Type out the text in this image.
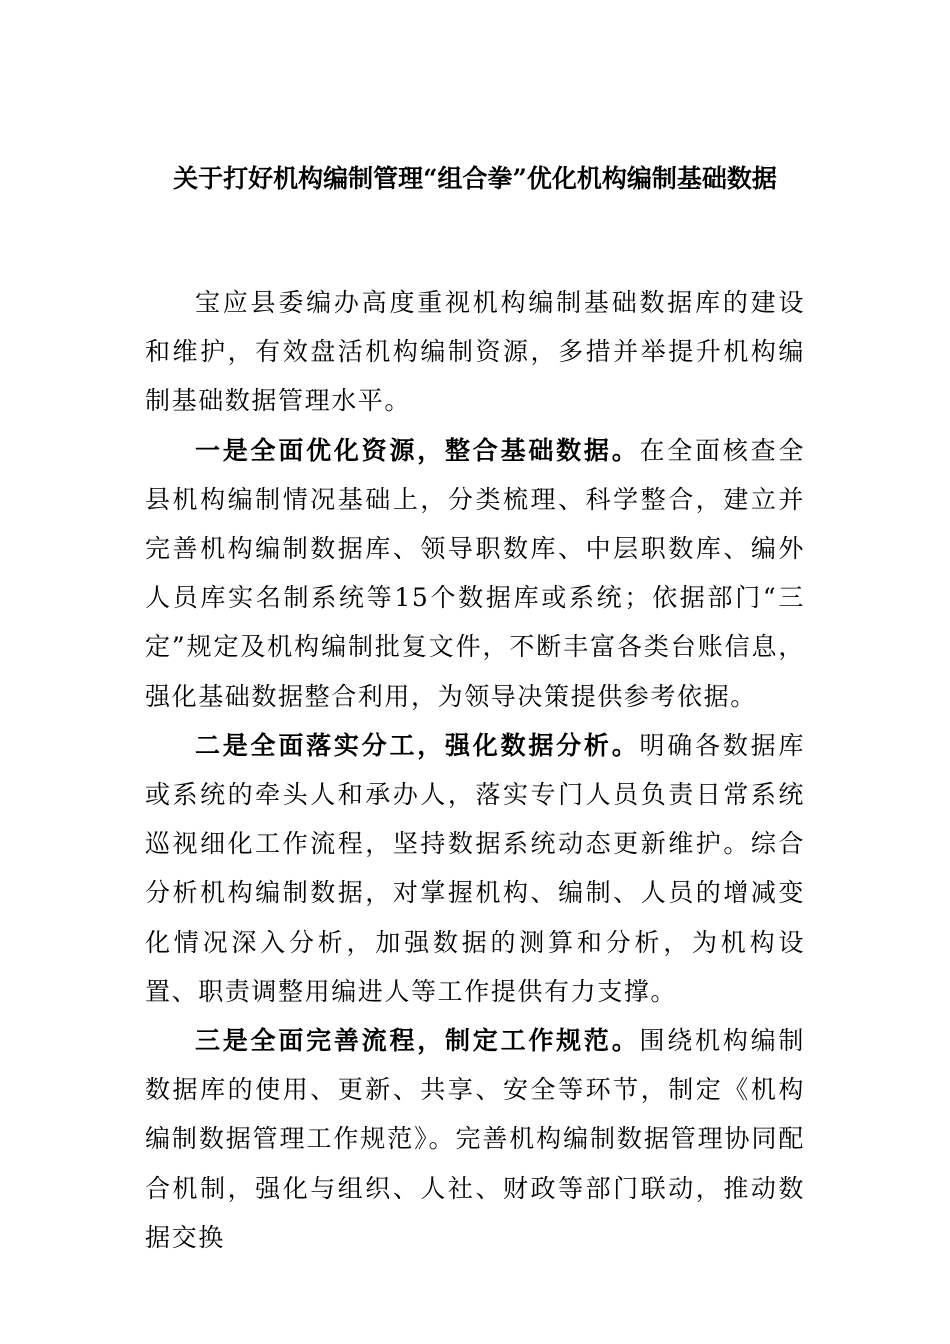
关于打好机构编制管理“组合拳”优化机构编制基础数据

宝应县委编办高度重视机构编制基础数据库的建设和维护，有效盘活机构编制资源，多措并举提升机构编制基础数据管理水平。

一是全面优化资源，整合基础数据。在全面核查全县机构编制情况基础上，分类梳理、科学整合，建立并完善机构编制数据库、领导职数库、中层职数库、编外人员库实名制系统等15个数据库或系统；依据部门“三定”规定及机构编制批复文件，不断丰富各类台账信息，强化基础数据整合利用，为领导决策提供参考依据。

二是全面落实分工，强化数据分析。明确各数据库或系统的牵头人和承办人，落实专门人员负责日常系统巡视细化工作流程，坚持数据系统动态更新维护。综合分析机构编制数据，对掌握机构、编制、人员的增减变化情况深入分析，加强数据的测算和分析，为机构设置、职责调整用编进人等工作提供有力支撑。

三是全面完善流程，制定工作规范。围绕机构编制数据库的使用、更新、共享、安全等环节，制定《机构编制数据管理工作规范》。完善机构编制数据管理协同配合机制，强化与组织、人社、财政等部门联动，推动数据交换
